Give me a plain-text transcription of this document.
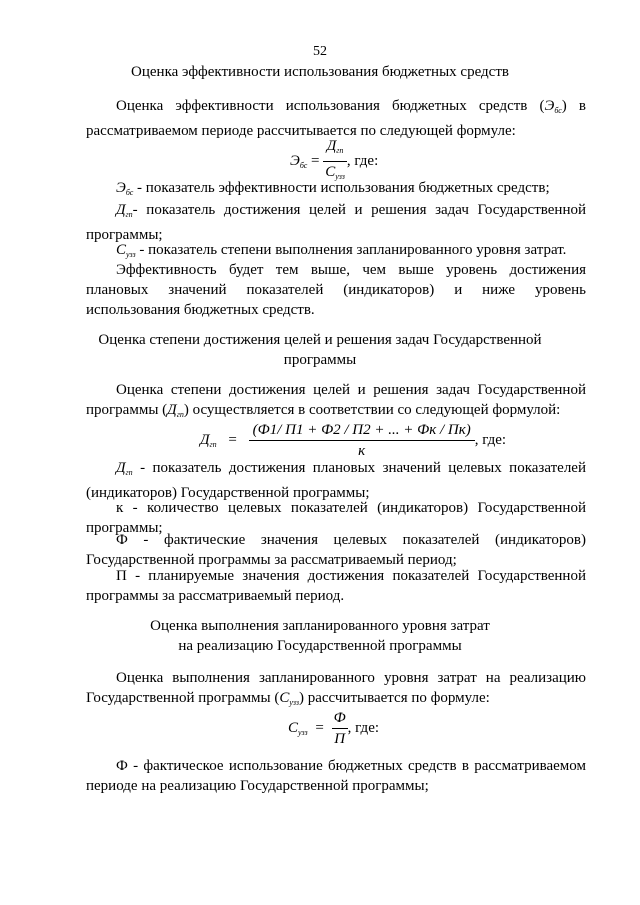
52
Оценка эффективности использования бюджетных средств

Оценка эффективности использования бюджетных средств $(Э_{бс})$ в рассматриваемом периоде рассчитывается по следующей формуле:

$Э_{бс} = \frac{Д_{гп}}{С_{узз}}$ , где:

$Э_{бс}$ - показатель эффективности использования бюджетных средств;

$Д_{гп}-$ показатель достижения целей и решения задач Государственной программы;

$С_{узз}$ - показатель степени выполнения запланированного уровня затрат.

Эффективность будет тем выше, чем выше уровень достижения плановых значений показателей (индикаторов) и ниже уровень использования бюджетных средств.

Оценка степени достижения целей и решения задач Государственной
программы

Оценка степени достижения целей и решения задач Государственной программы $(Д_{гп})$ осуществляется в соответствии со следующей формулой:

$Д_{гп} = \frac{(Ф1/ П1 + Ф2 / П2 + ... + Фк / Пк)}{к}$ , где:

$Д_{гп}$ - показатель достижения плановых значений целевых показателей (индикаторов) Государственной программы;

к - количество целевых показателей (индикаторов) Государственной программы;

Ф - фактические значения целевых показателей (индикаторов) Государственной программы за рассматриваемый период;

П - планируемые значения достижения показателей Государственной программы за рассматриваемый период.

Оценка выполнения запланированного уровня затрат
на реализацию Государственной программы

Оценка выполнения запланированного уровня затрат на реализацию Государственной программы $(С_{узз})$ рассчитывается по формуле:

$С_{узз} = \frac{Ф}{П}$ , где:

Ф - фактическое использование бюджетных средств в рассматриваемом периоде на реализацию Государственной программы;
